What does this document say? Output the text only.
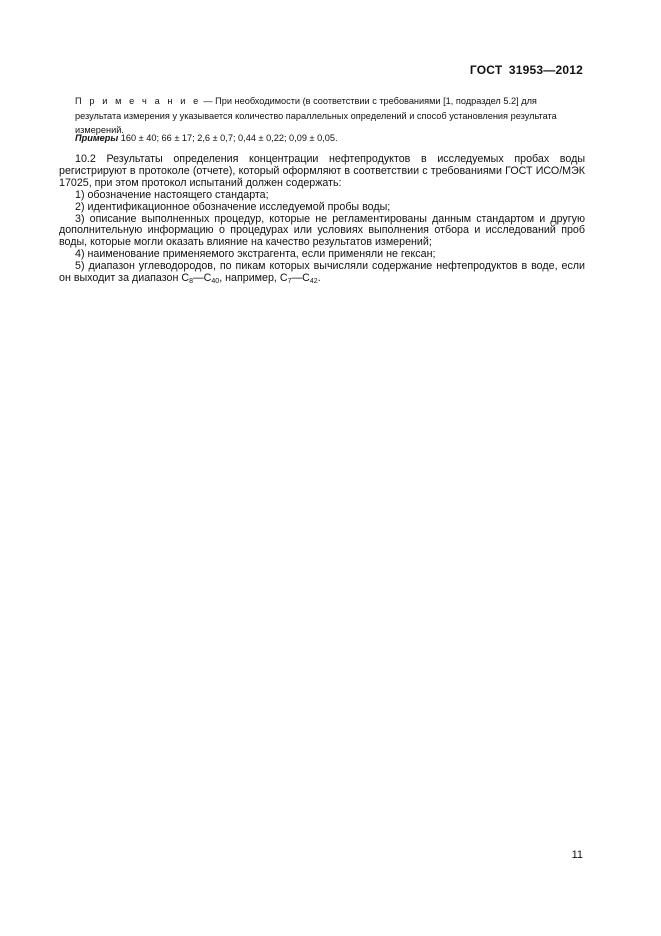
ГОСТ 31953—2012
П р и м е ч а н и е — При необходимости (в соответствии с требованиями [1, подраздел 5.2] для результата измерения у указывается количество параллельных определений и способ установления результата измерений.
Примеры 160 ± 40; 66 ± 17; 2,6 ± 0,7; 0,44 ± 0,22; 0,09 ± 0,05.

10.2 Результаты определения концентрации нефтепродуктов в исследуемых пробах воды регистрируют в протоколе (отчете), который оформляют в соответствии с требованиями ГОСТ ИСО/МЭК 17025, при этом протокол испытаний должен содержать:

1) обозначение настоящего стандарта;

2) идентификационное обозначение исследуемой пробы воды;

3) описание выполненных процедур, которые не регламентированы данным стандартом и другую дополнительную информацию о процедурах или условиях выполнения отбора и исследований проб воды, которые могли оказать влияние на качество результатов измерений;

4) наименование применяемого экстрагента, если применяли не гексан;

5) диапазон углеводородов, по пикам которых вычисляли содержание нефтепродуктов в воде, если он выходит за диапазон $С_8—С_{40}$, например, $С_7—С_{42}$.

11
